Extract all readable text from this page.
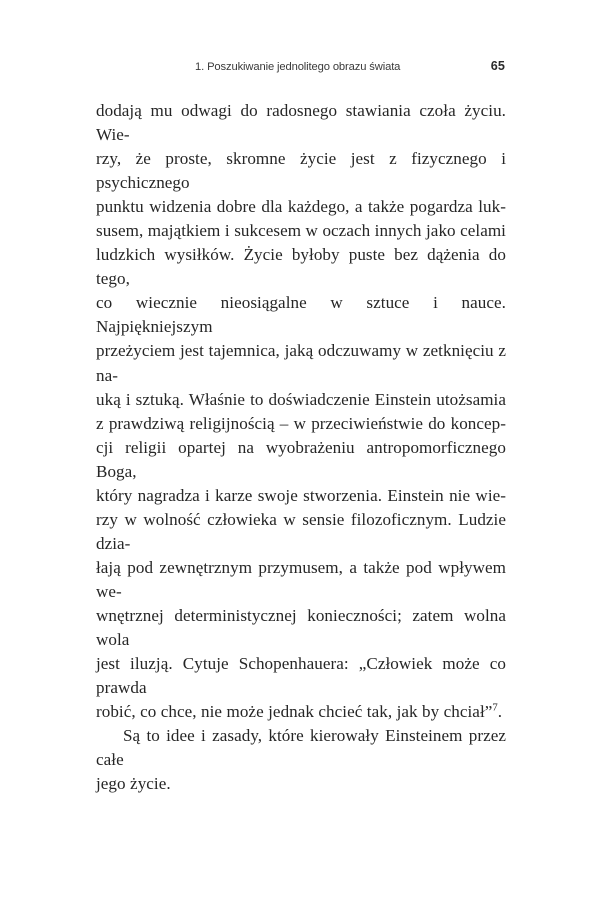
1. Poszukiwanie jednolitego obrazu świata	65

dodają mu odwagi do radosnego stawiania czoła życiu. Wie-
rzy, że proste, skromne życie jest z fizycznego i psychicznego
punktu widzenia dobre dla każdego, a także pogardza luk-
susem, majątkiem i sukcesem w oczach innych jako celami
ludzkich wysiłków. Życie byłoby puste bez dążenia do tego,
co wiecznie nieosiągalne w sztuce i nauce. Najpiękniejszym
przeżyciem jest tajemnica, jaką odczuwamy w zetknięciu z na-
uką i sztuką. Właśnie to doświadczenie Einstein utożsamia
z prawdziwą religijnością – w przeciwieństwie do koncep-
cji religii opartej na wyobrażeniu antropomorficznego Boga,
który nagradza i karze swoje stworzenia. Einstein nie wie-
rzy w wolność człowieka w sensie filozoficznym. Ludzie dzia-
łają pod zewnętrznym przymusem, a także pod wpływem we-
wnętrznej deterministycznej konieczności; zatem wolna wola
jest iluzją. Cytuje Schopenhauera: „Człowiek może co prawda
robić, co chce, nie może jednak chcieć tak, jak by chciał”$^7$.

Są to idee i zasady, które kierowały Einsteinem przez całe
jego życie.
